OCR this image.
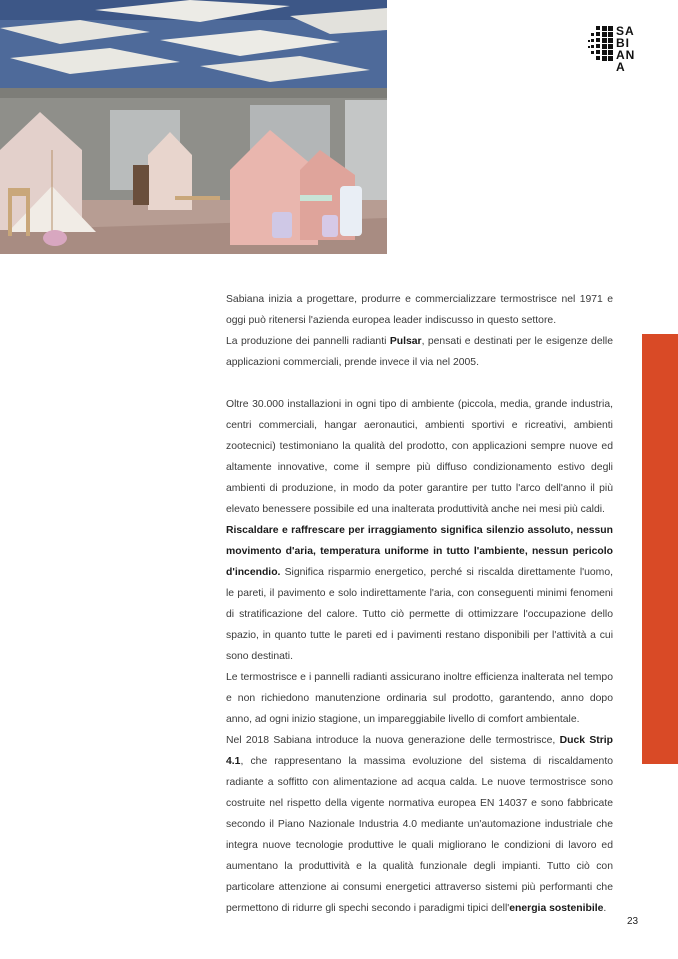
SA
BI
AN
A

Sabiana inizia a progettare, produrre e commercializzare termostrisce nel 1971 e oggi può ritenersi l'azienda europea leader indiscusso in questo settore.

La produzione dei pannelli radianti Pulsar, pensati e destinati per le esigenze delle applicazioni commerciali, prende invece il via nel 2005.

Oltre 30.000 installazioni in ogni tipo di ambiente (piccola, media, grande industria, centri commerciali, hangar aeronautici, ambienti sportivi e ricreativi, ambienti zootecnici) testimoniano la qualità del prodotto, con applicazioni sempre nuove ed altamente innovative, come il sempre più diffuso condizionamento estivo degli ambienti di produzione, in modo da poter garantire per tutto l'arco dell'anno il più elevato benessere possibile ed una inalterata produttività anche nei mesi più caldi.

Riscaldare e raffrescare per irraggiamento significa silenzio assoluto, nessun movimento d'aria, temperatura uniforme in tutto l'ambiente, nessun pericolo d'incendio. Significa risparmio energetico, perché si riscalda direttamente l'uomo, le pareti, il pavimento e solo indirettamente l'aria, con conseguenti minimi fenomeni di stratificazione del calore. Tutto ciò permette di ottimizzare l'occupazione dello spazio, in quanto tutte le pareti ed i pavimenti restano disponibili per l'attività a cui sono destinati.

Le termostrisce e i pannelli radianti assicurano inoltre efficienza inalterata nel tempo e non richiedono manutenzione ordinaria sul prodotto, garantendo, anno dopo anno, ad ogni inizio stagione, un impareggiabile livello di comfort ambientale.

Nel 2018 Sabiana introduce la nuova generazione delle termostrisce, Duck Strip 4.1, che rappresentano la massima evoluzione del sistema di riscaldamento radiante a soffitto con alimentazione ad acqua calda. Le nuove termostrisce sono costruite nel rispetto della vigente normativa europea EN 14037 e sono fabbricate secondo il Piano Nazionale Industria 4.0 mediante un'automazione industriale che integra nuove tecnologie produttive le quali migliorano le condizioni di lavoro ed aumentano la produttività e la qualità funzionale degli impianti. Tutto ciò con particolare attenzione ai consumi energetici attraverso sistemi più performanti che permettono di ridurre gli spechi secondo i paradigmi tipici dell'energia sostenibile.

23
